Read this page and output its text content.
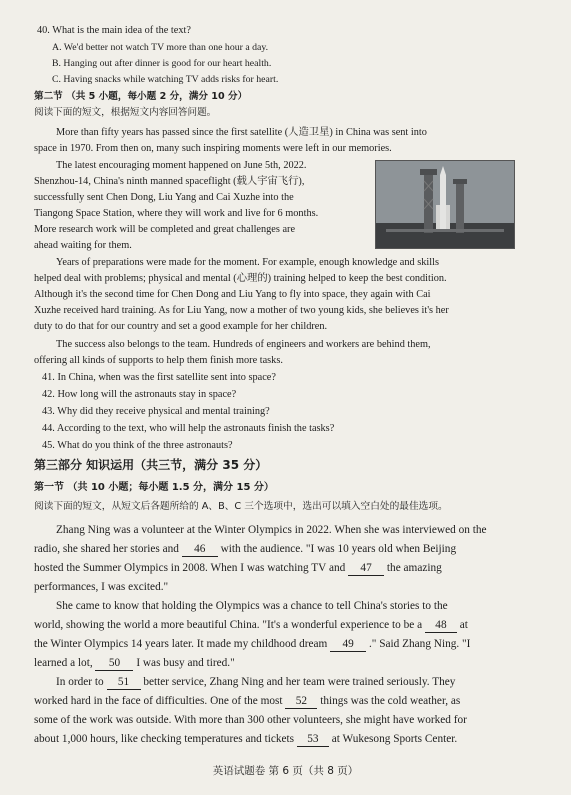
40. What is the main idea of the text?
A. We'd better not watch TV more than one hour a day.
B. Hanging out after dinner is good for our heart health.
C. Having snacks while watching TV adds risks for heart.
第二节 （共 5 小题，每小题 2 分，满分 10 分）
阅读下面的短文，根据短文内容回答问题。
More than fifty years has passed since the first satellite (人造卫星) in China was sent into
space in 1970. From then on, many such inspiring moments were left in our memories.
The latest encouraging moment happened on June 5th, 2022.
Shenzhou-14, China's ninth manned spaceflight (载人宇宙飞行),
successfully sent Chen Dong, Liu Yang and Cai Xuzhe into the
Tiangong Space Station, where they will work and live for 6 months.
More research work will be completed and great challenges are
ahead waiting for them.
Years of preparations were made for the moment. For example, enough knowledge and skills
helped deal with problems; physical and mental (心理的) training helped to keep the best condition.
Although it's the second time for Chen Dong and Liu Yang to fly into space, they again with Cai
Xuzhe received hard training. As for Liu Yang, now a mother of two young kids, she believes it's her
duty to do that for our country and set a good example for her children.
The success also belongs to the team. Hundreds of engineers and workers are behind them,
offering all kinds of supports to help them finish more tasks.
41. In China, when was the first satellite sent into space?
42. How long will the astronauts stay in space?
43. Why did they receive physical and mental training?
44. According to the text, who will help the astronauts finish the tasks?
45. What do you think of the three astronauts?
第三部分 知识运用（共三节，满分 35 分）
第一节 （共 10 小题；每小题 1.5 分，满分 15 分）
阅读下面的短文，从短文后各题所给的 A、B、C 三个选项中，选出可以填入空白处的最佳选项。
Zhang Ning was a volunteer at the Winter Olympics in 2022. When she was interviewed on the
radio, she shared her stories and 46 with the audience. "I was 10 years old when Beijing
hosted the Summer Olympics in 2008. When I was watching TV and 47 the amazing
performances, I was excited."
She came to know that holding the Olympics was a chance to tell China's stories to the
world, showing the world a more beautiful China. "It's a wonderful experience to be a 48 at
the Winter Olympics 14 years later. It made my childhood dream 49 ." Said Zhang Ning. "I
learned a lot, 50 I was busy and tired."
In order to 51 better service, Zhang Ning and her team were trained seriously. They
worked hard in the face of difficulties. One of the most 52 things was the cold weather, as
some of the work was outside. With more than 300 other volunteers, she might have worked for
about 1,000 hours, like checking temperatures and tickets 53 at Wukesong Sports Center.
英语试题卷 第 6 页（共 8 页）
